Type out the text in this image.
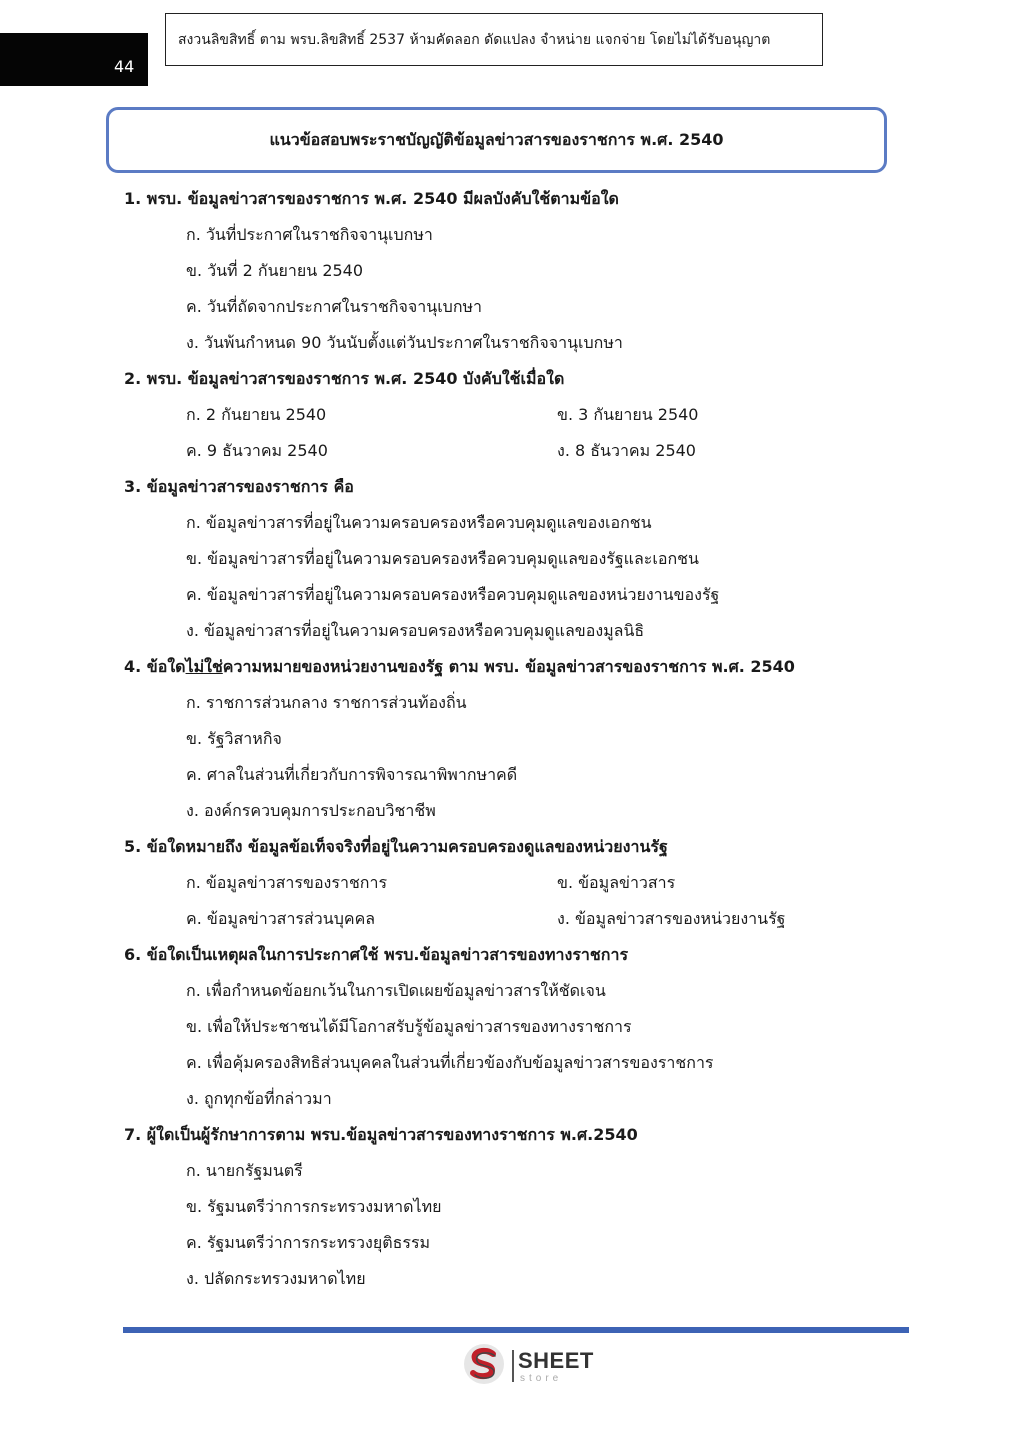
44
สงวนลิขสิทธิ์ ตาม พรบ.ลิขสิทธิ์ 2537 ห้ามคัดลอก ดัดแปลง จำหน่าย แจกจ่าย โดยไม่ได้รับอนุญาต
แนวข้อสอบพระราชบัญญัติข้อมูลข่าวสารของราชการ พ.ศ. 2540
1. พรบ. ข้อมูลข่าวสารของราชการ พ.ศ. 2540 มีผลบังคับใช้ตามข้อใด
ก. วันที่ประกาศในราชกิจจานุเบกษา
ข. วันที่ 2 กันยายน 2540
ค. วันที่ถัดจากประกาศในราชกิจจานุเบกษา
ง. วันพ้นกำหนด 90 วันนับตั้งแต่วันประกาศในราชกิจจานุเบกษา
2. พรบ. ข้อมูลข่าวสารของราชการ พ.ศ. 2540 บังคับใช้เมื่อใด
ก. 2 กันยายน 2540	ข. 3 กันยายน 2540
ค. 9 ธันวาคม 2540	ง. 8 ธันวาคม 2540
3. ข้อมูลข่าวสารของราชการ คือ
ก. ข้อมูลข่าวสารที่อยู่ในความครอบครองหรือควบคุมดูแลของเอกชน
ข. ข้อมูลข่าวสารที่อยู่ในความครอบครองหรือควบคุมดูแลของรัฐและเอกชน
ค. ข้อมูลข่าวสารที่อยู่ในความครอบครองหรือควบคุมดูแลของหน่วยงานของรัฐ
ง. ข้อมูลข่าวสารที่อยู่ในความครอบครองหรือควบคุมดูแลของมูลนิธิ
4. ข้อใดไม่ใช่ความหมายของหน่วยงานของรัฐ ตาม พรบ. ข้อมูลข่าวสารของราชการ พ.ศ. 2540
ก. ราชการส่วนกลาง ราชการส่วนท้องถิ่น
ข. รัฐวิสาหกิจ
ค. ศาลในส่วนที่เกี่ยวกับการพิจารณาพิพากษาคดี
ง. องค์กรควบคุมการประกอบวิชาชีพ
5. ข้อใดหมายถึง ข้อมูลข้อเท็จจริงที่อยู่ในความครอบครองดูแลของหน่วยงานรัฐ
ก. ข้อมูลข่าวสารของราชการ	ข. ข้อมูลข่าวสาร
ค. ข้อมูลข่าวสารส่วนบุคคล	ง. ข้อมูลข่าวสารของหน่วยงานรัฐ
6. ข้อใดเป็นเหตุผลในการประกาศใช้ พรบ.ข้อมูลข่าวสารของทางราชการ
ก. เพื่อกำหนดข้อยกเว้นในการเปิดเผยข้อมูลข่าวสารให้ชัดเจน
ข. เพื่อให้ประชาชนได้มีโอกาสรับรู้ข้อมูลข่าวสารของทางราชการ
ค. เพื่อคุ้มครองสิทธิส่วนบุคคลในส่วนที่เกี่ยวข้องกับข้อมูลข่าวสารของราชการ
ง. ถูกทุกข้อที่กล่าวมา
7. ผู้ใดเป็นผู้รักษาการตาม พรบ.ข้อมูลข่าวสารของทางราชการ พ.ศ.2540
ก. นายกรัฐมนตรี
ข. รัฐมนตรีว่าการกระทรวงมหาดไทย
ค. รัฐมนตรีว่าการกระทรวงยุติธรรม
ง. ปลัดกระทรวงมหาดไทย
SHEET
store
